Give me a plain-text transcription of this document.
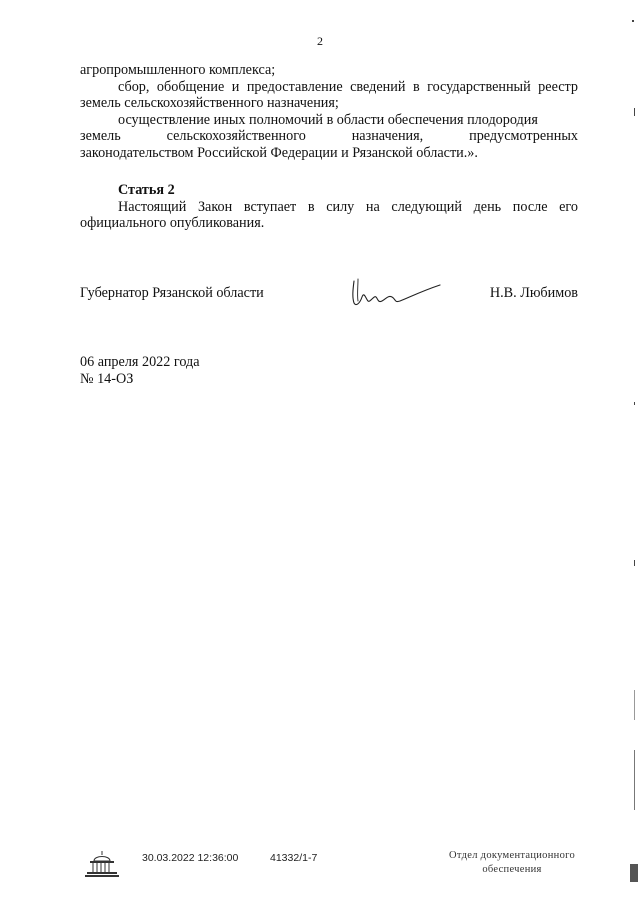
2

агропромышленного комплекса;

сбор, обобщение и предоставление сведений в государственный реестр земель сельскохозяйственного назначения;

осуществление иных полномочий в области обеспечения плодородия

земель сельскохозяйственного назначения, предусмотренных

законодательством Российской Федерации и Рязанской области.».

Статья 2

Настоящий Закон вступает в силу на следующий день после его официального опубликования.

Губернатор Рязанской области	Н.В. Любимов
06 апреля 2022 года
№ 14-ОЗ
30.03.2022 12:36:00	41332/1-7	Отдел документационного
обеспечения
